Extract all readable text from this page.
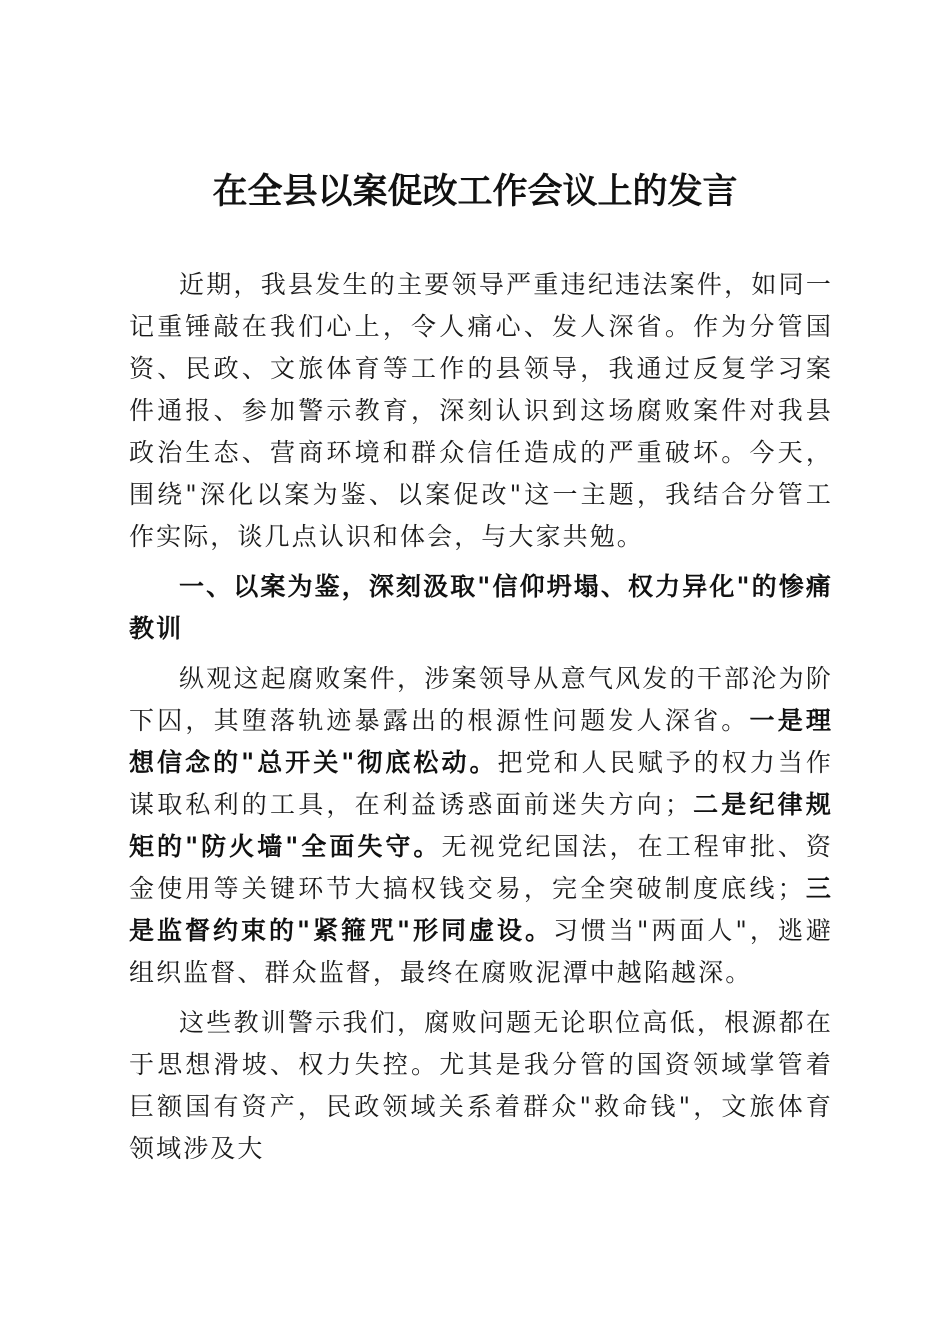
在全县以案促改工作会议上的发言

近期，我县发生的主要领导严重违纪违法案件，如同一记重锤敲在我们心上，令人痛心、发人深省。作为分管国资、民政、文旅体育等工作的县领导，我通过反复学习案件通报、参加警示教育，深刻认识到这场腐败案件对我县政治生态、营商环境和群众信任造成的严重破坏。今天，围绕"深化以案为鉴、以案促改"这一主题，我结合分管工作实际，谈几点认识和体会，与大家共勉。

一、以案为鉴，深刻汲取"信仰坍塌、权力异化"的惨痛教训

纵观这起腐败案件，涉案领导从意气风发的干部沦为阶下囚，其堕落轨迹暴露出的根源性问题发人深省。一是理想信念的"总开关"彻底松动。把党和人民赋予的权力当作谋取私利的工具，在利益诱惑面前迷失方向；二是纪律规矩的"防火墙"全面失守。无视党纪国法，在工程审批、资金使用等关键环节大搞权钱交易，完全突破制度底线；三是监督约束的"紧箍咒"形同虚设。习惯当"两面人"，逃避组织监督、群众监督，最终在腐败泥潭中越陷越深。

这些教训警示我们，腐败问题无论职位高低，根源都在于思想滑坡、权力失控。尤其是我分管的国资领域掌管着巨额国有资产，民政领域关系着群众"救命钱"，文旅体育领域涉及大
